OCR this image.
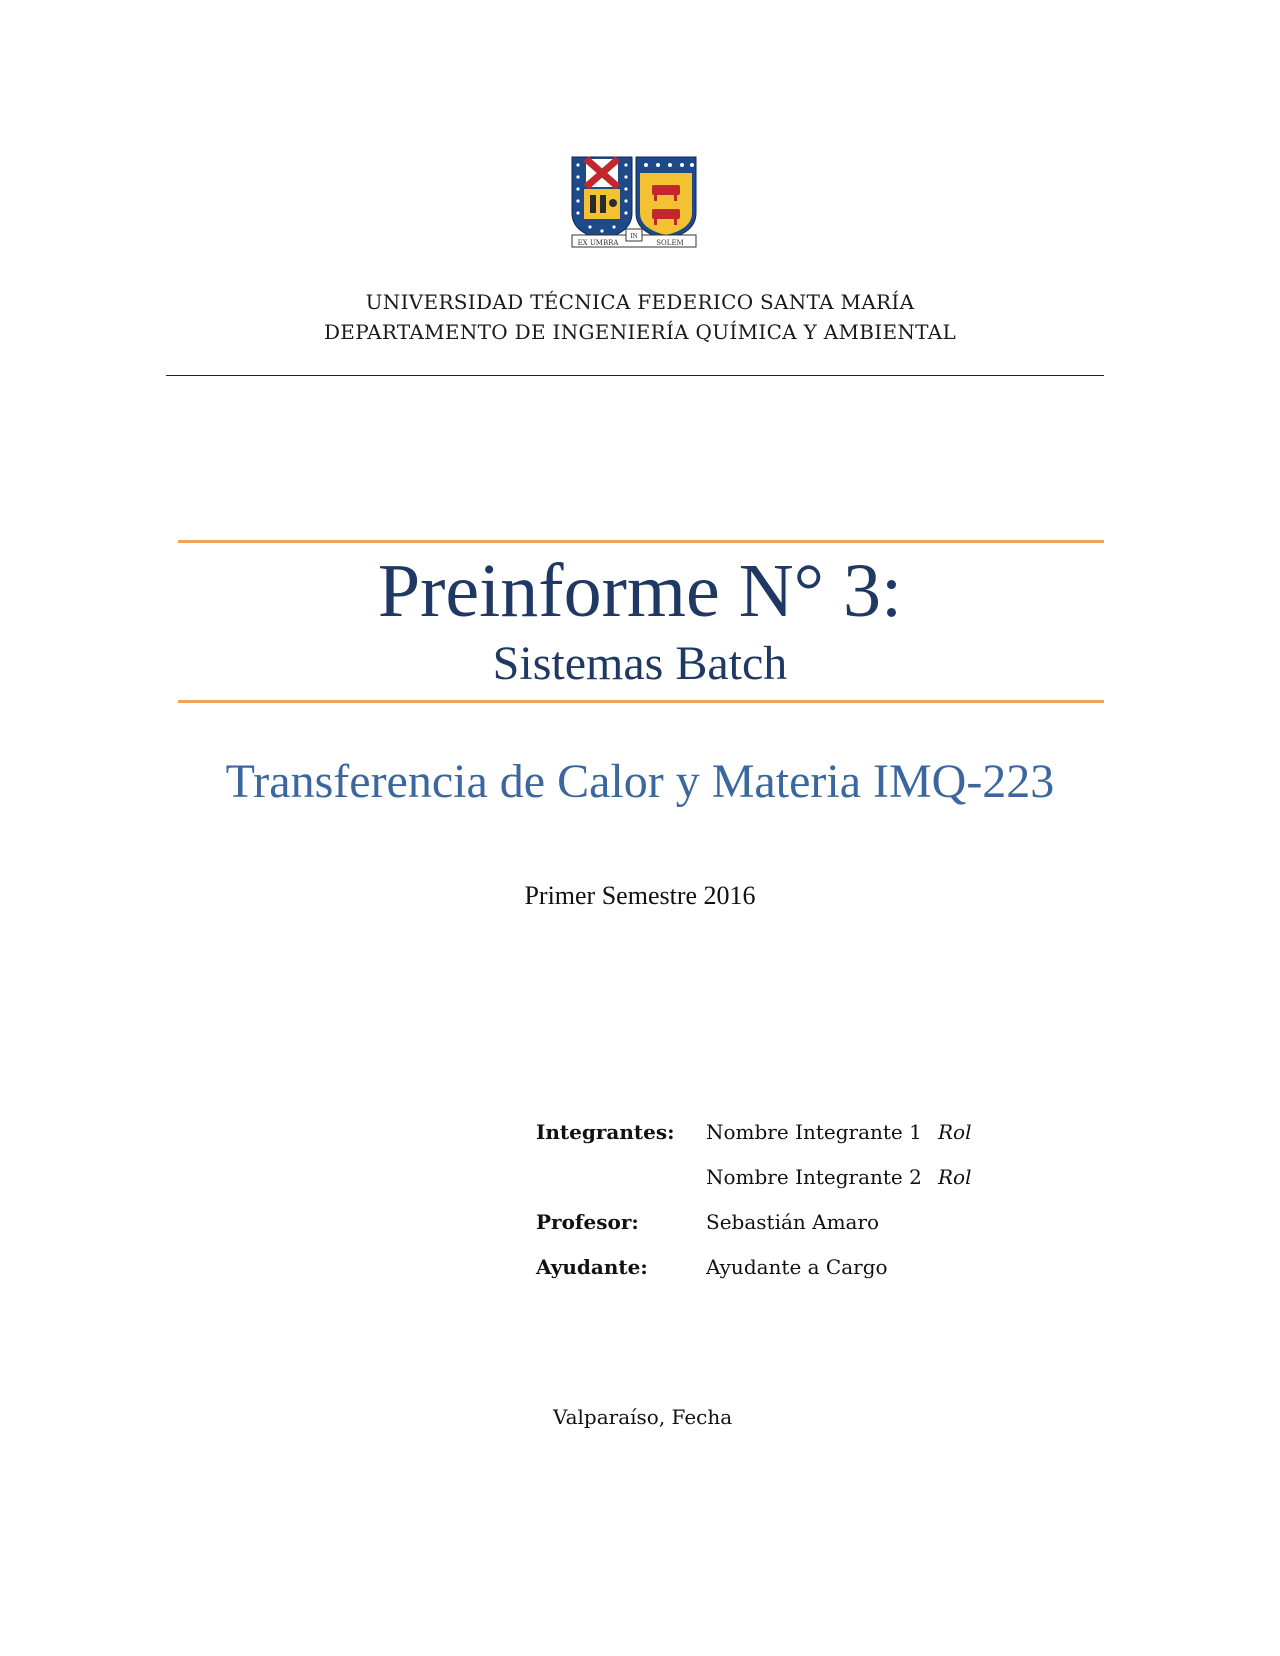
EX UMBRA
IN
SOLEM
UNIVERSIDAD TÉCNICA FEDERICO SANTA MARÍA
DEPARTAMENTO DE INGENIERÍA QUÍMICA Y AMBIENTAL
Preinforme N° 3:
Sistemas Batch
Transferencia de Calor y Materia IMQ-223
Primer Semestre 2016
Integrantes: Nombre Integrante 1 Rol
Nombre Integrante 2 Rol
Profesor:	Sebastián Amaro
Ayudante:	Ayudante a Cargo
Valparaíso, Fecha
